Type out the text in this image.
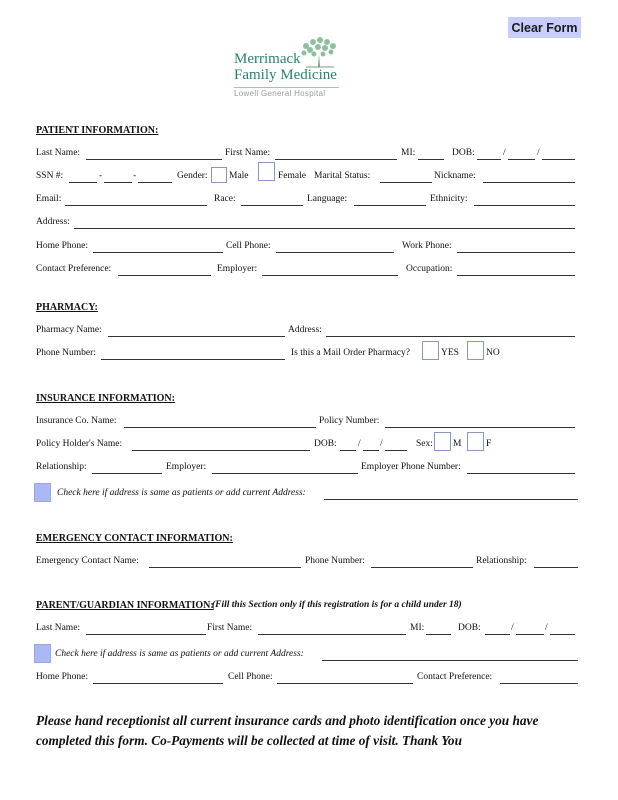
Clear Form
Merrimack
Family Medicine
Lowell General Hospital
PATIENT INFORMATION:
Last Name:	First Name:	MI:	DOB:	/	/
SSN #:	-	-	Gender: Male	Female Marital Status:	Nickname:
Email:	Race:	Language:	Ethnicity:
Address:
Home Phone:	Cell Phone:	Work Phone:
Contact Preference:	Employer:	Occupation:
PHARMACY:
Pharmacy Name:	Address:
Phone Number:	Is this a Mail Order Pharmacy?	YES	NO
INSURANCE INFORMATION:
Insurance Co. Name:	Policy Number:
Policy Holder's Name:	DOB: / /	Sex: M	F
Relationship:	Employer:	Employer Phone Number:
Check here if address is same as patients or add current Address:
EMERGENCY CONTACT INFORMATION:
Emergency Contact Name:	Phone Number:	Relationship:
PARENT/GUARDIAN INFORMATION:
(Fill this Section only if this registration is for a child under 18)
Last Name:	First Name:	MI:	DOB:	/	/
Check here if address is same as patients or add current Address:
Home Phone:	Cell Phone:	Contact Preference:
Please hand receptionist all current insurance cards and photo identification once you have completed this form. Co-Payments will be collected at time of visit. Thank You
